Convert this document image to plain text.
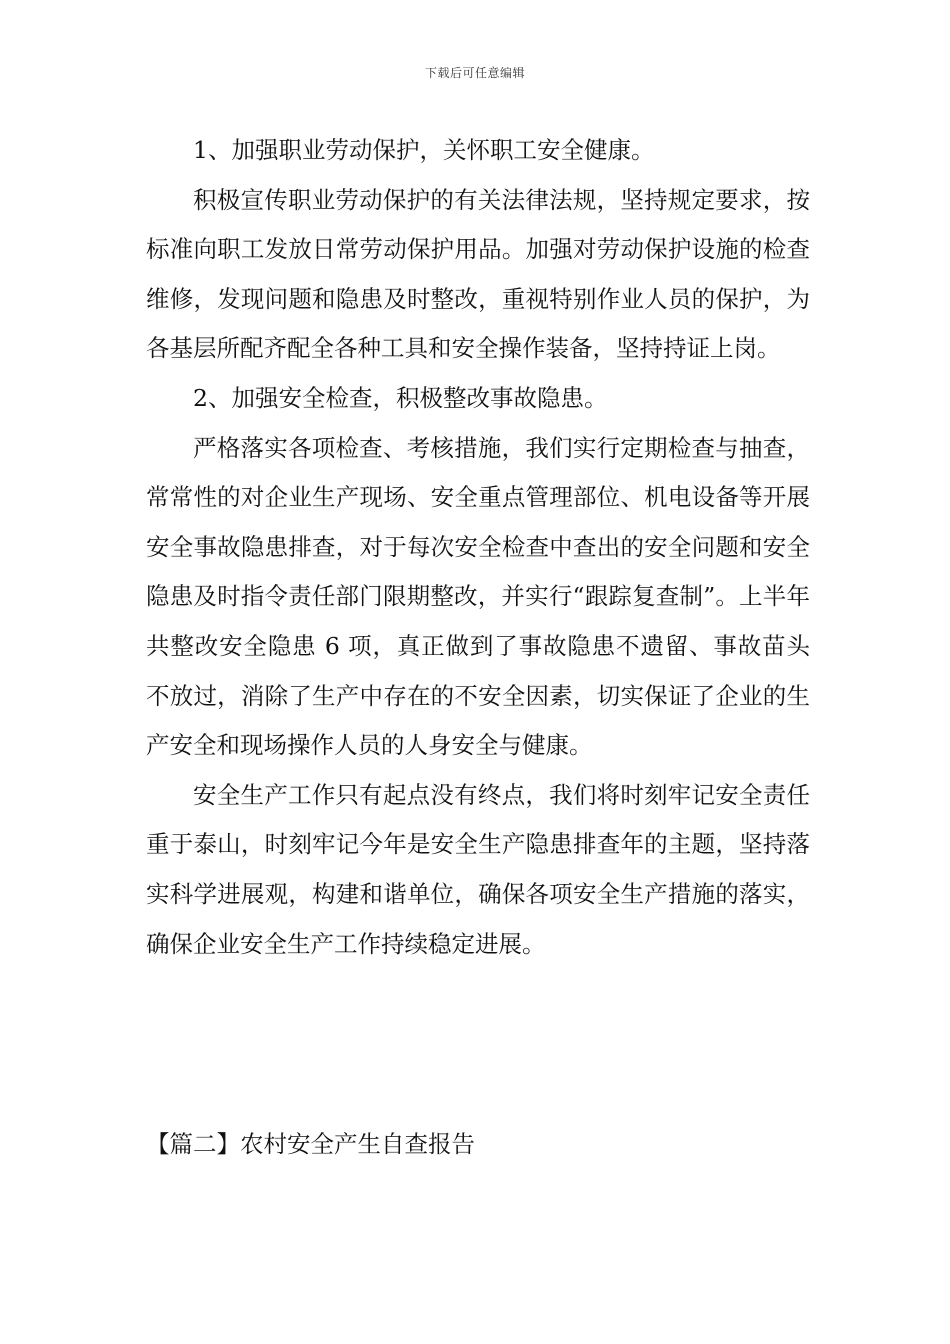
下载后可任意编辑

1、加强职业劳动保护，关怀职工安全健康。

积极宣传职业劳动保护的有关法律法规，坚持规定要求，按标准向职工发放日常劳动保护用品。加强对劳动保护设施的检查维修，发现问题和隐患及时整改，重视特别作业人员的保护，为各基层所配齐配全各种工具和安全操作装备，坚持持证上岗。

2、加强安全检查，积极整改事故隐患。

严格落实各项检查、考核措施，我们实行定期检查与抽查，常常性的对企业生产现场、安全重点管理部位、机电设备等开展安全事故隐患排查，对于每次安全检查中查出的安全问题和安全隐患及时指令责任部门限期整改，并实行“跟踪复查制”。上半年共整改安全隐患 6 项，真正做到了事故隐患不遗留、事故苗头不放过，消除了生产中存在的不安全因素，切实保证了企业的生产安全和现场操作人员的人身安全与健康。

安全生产工作只有起点没有终点，我们将时刻牢记安全责任重于泰山，时刻牢记今年是安全生产隐患排查年的主题，坚持落实科学进展观，构建和谐单位，确保各项安全生产措施的落实，确保企业安全生产工作持续稳定进展。

【篇二】农村安全产生自查报告
